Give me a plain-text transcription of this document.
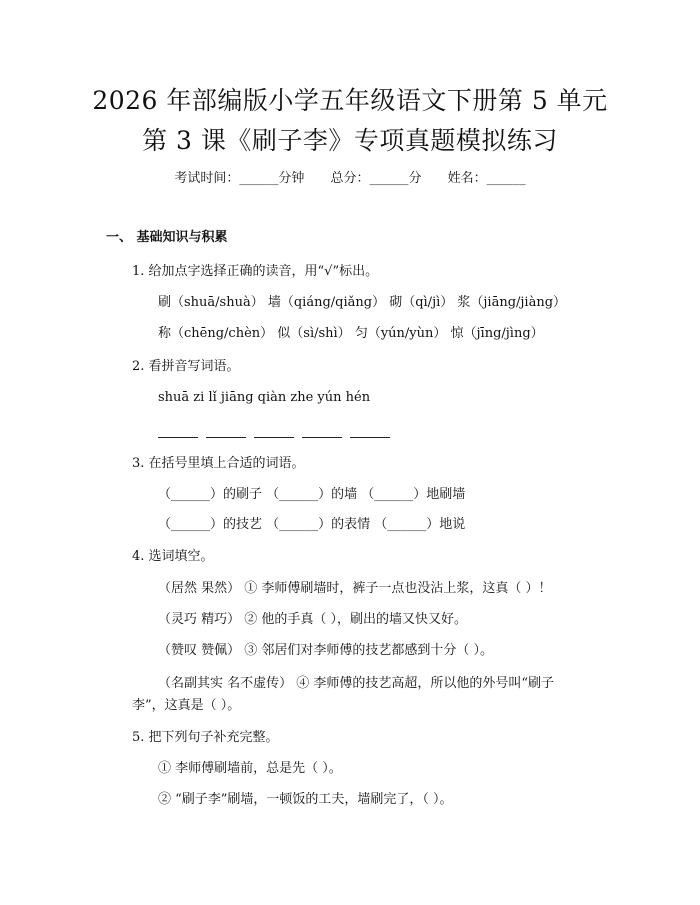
2026 年部编版小学五年级语文下册第 5 单元
第 3 课《刷子李》专项真题模拟练习
考试时间：______分钟 总分：______分 姓名：______
一、 基础知识与积累
1. 给加点字选择正确的读音，用“√”标出。
刷（shuā/shuà） 墙（qiáng/qiǎng） 砌（qì/jì） 浆（jiāng/jiàng）
称（chēng/chèn） 似（sì/shì） 匀（yún/yùn） 惊（jīng/jìng）
2. 看拼音写词语。
shuā zi lǐ jiāng qiàn zhe yún hén
3. 在括号里填上合适的词语。
（______）的刷子 （______）的墙 （______）地刷墙
（______）的技艺 （______）的表情 （______）地说
4. 选词填空。
（居然 果然） ① 李师傅刷墙时，裤子一点也没沾上浆，这真（ ）！
（灵巧 精巧） ② 他的手真（ ），刷出的墙又快又好。
（赞叹 赞佩） ③ 邻居们对李师傅的技艺都感到十分（ ）。
（名副其实 名不虚传） ④ 李师傅的技艺高超，所以他的外号叫“刷子
李”，这真是（ ）。
5. 把下列句子补充完整。
① 李师傅刷墙前，总是先（ ）。
② “刷子李”刷墙，一顿饭的工夫，墙刷完了，（ ）。
